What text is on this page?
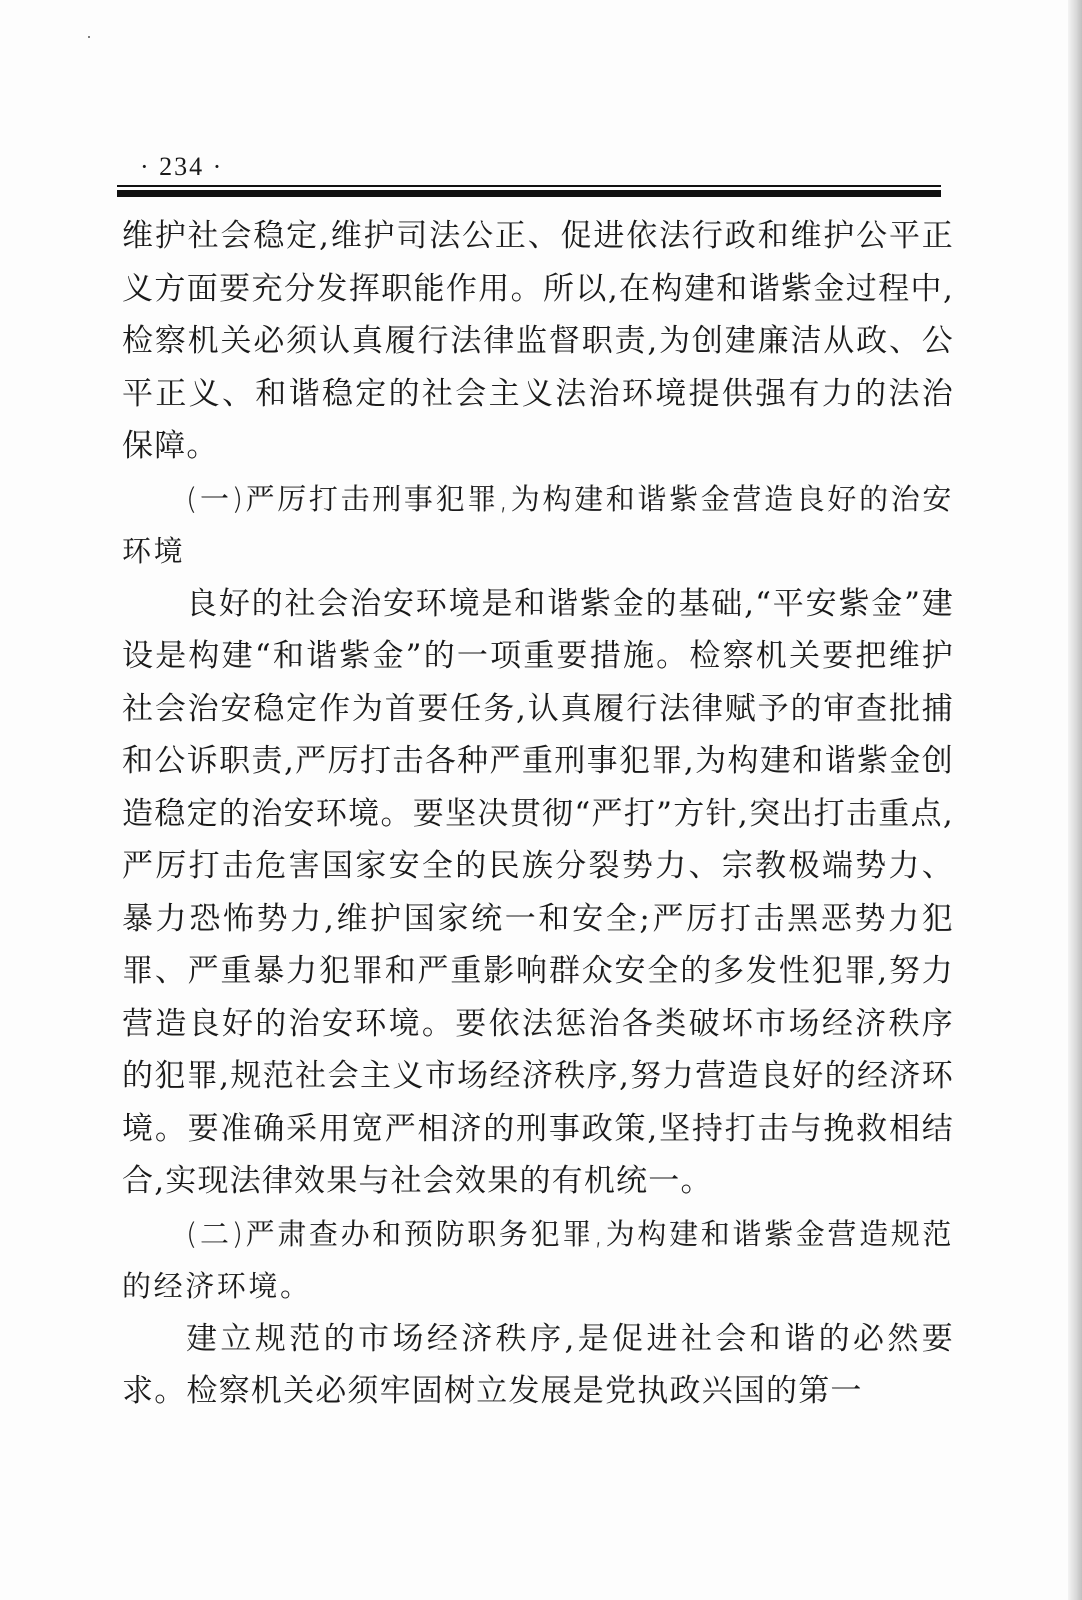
· 234 ·

维护社会稳定,维护司法公正、促进依法行政和维护公平正义方面要充分发挥职能作用。所以,在构建和谐紫金过程中,检察机关必须认真履行法律监督职责,为创建廉洁从政、公平正义、和谐稳定的社会主义法治环境提供强有力的法治保障。

(一)严厉打击刑事犯罪,为构建和谐紫金营造良好的治安环境

良好的社会治安环境是和谐紫金的基础,“平安紫金”建设是构建“和谐紫金”的一项重要措施。检察机关要把维护社会治安稳定作为首要任务,认真履行法律赋予的审查批捕和公诉职责,严厉打击各种严重刑事犯罪,为构建和谐紫金创造稳定的治安环境。要坚决贯彻“严打”方针,突出打击重点,严厉打击危害国家安全的民族分裂势力、宗教极端势力、暴力恐怖势力,维护国家统一和安全;严厉打击黑恶势力犯罪、严重暴力犯罪和严重影响群众安全的多发性犯罪,努力营造良好的治安环境。要依法惩治各类破坏市场经济秩序的犯罪,规范社会主义市场经济秩序,努力营造良好的经济环境。要准确采用宽严相济的刑事政策,坚持打击与挽救相结合,实现法律效果与社会效果的有机统一。

(二)严肃查办和预防职务犯罪,为构建和谐紫金营造规范的经济环境。

建立规范的市场经济秩序,是促进社会和谐的必然要求。检察机关必须牢固树立发展是党执政兴国的第一
